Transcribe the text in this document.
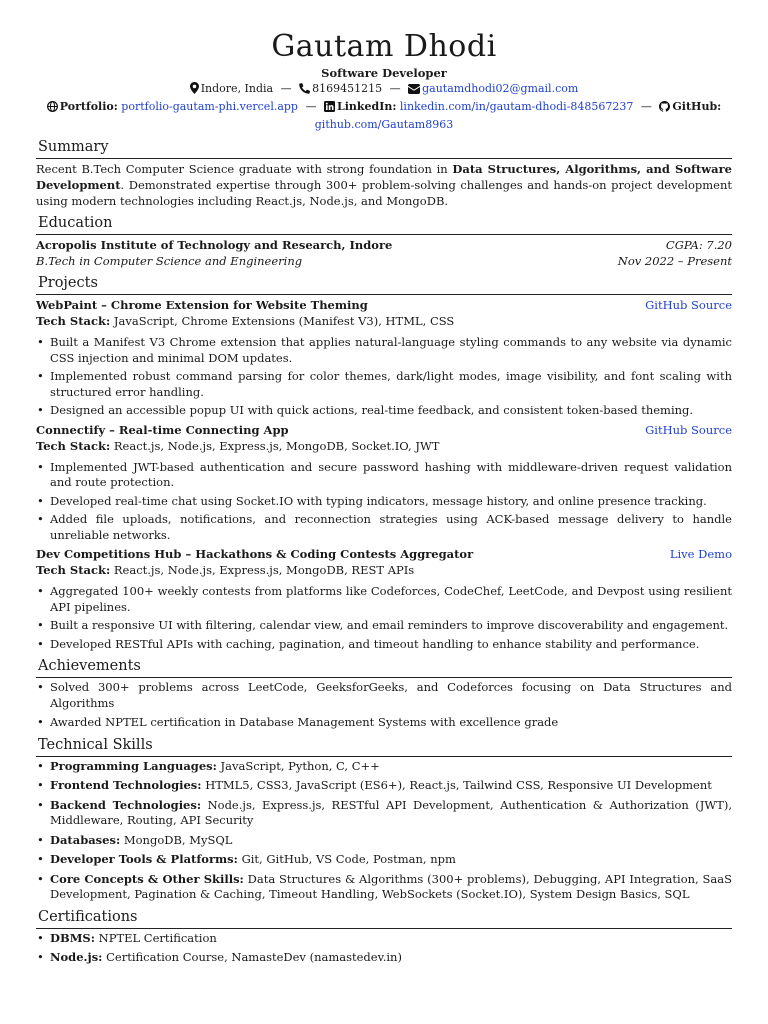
Gautam Dhodi
Software Developer
Indore, India — 8169451215 — gautamdhodi02@gmail.com
Portfolio: portfolio-gautam-phi.vercel.app — LinkedIn: linkedin.com/in/gautam-dhodi-848567237 — GitHub:
github.com/Gautam8963
Summary
Recent B.Tech Computer Science graduate with strong foundation in Data Structures, Algorithms, and Software Development. Demonstrated expertise through 300+ problem-solving challenges and hands-on project development using modern technologies including React.js, Node.js, and MongoDB.
Education
Acropolis Institute of Technology and Research, Indore	CGPA: 7.20
B.Tech in Computer Science and Engineering	Nov 2022 – Present
Projects
WebPaint – Chrome Extension for Website Theming	GitHub Source
Tech Stack: JavaScript, Chrome Extensions (Manifest V3), HTML, CSS
• Built a Manifest V3 Chrome extension that applies natural-language styling commands to any website via dynamic CSS injection and minimal DOM updates.
• Implemented robust command parsing for color themes, dark/light modes, image visibility, and font scaling with structured error handling.
• Designed an accessible popup UI with quick actions, real-time feedback, and consistent token-based theming.
Connectify – Real-time Connecting App	GitHub Source
Tech Stack: React.js, Node.js, Express.js, MongoDB, Socket.IO, JWT
• Implemented JWT-based authentication and secure password hashing with middleware-driven request validation and route protection.
• Developed real-time chat using Socket.IO with typing indicators, message history, and online presence tracking.
• Added file uploads, notifications, and reconnection strategies using ACK-based message delivery to handle unreliable networks.
Dev Competitions Hub – Hackathons & Coding Contests Aggregator	Live Demo
Tech Stack: React.js, Node.js, Express.js, MongoDB, REST APIs
• Aggregated 100+ weekly contests from platforms like Codeforces, CodeChef, LeetCode, and Devpost using resilient API pipelines.
• Built a responsive UI with filtering, calendar view, and email reminders to improve discoverability and engagement.
• Developed RESTful APIs with caching, pagination, and timeout handling to enhance stability and performance.
Achievements
• Solved 300+ problems across LeetCode, GeeksforGeeks, and Codeforces focusing on Data Structures and Algorithms
• Awarded NPTEL certification in Database Management Systems with excellence grade
Technical Skills
• Programming Languages: JavaScript, Python, C, C++
• Frontend Technologies: HTML5, CSS3, JavaScript (ES6+), React.js, Tailwind CSS, Responsive UI Development
• Backend Technologies: Node.js, Express.js, RESTful API Development, Authentication & Authorization (JWT), Middleware, Routing, API Security
• Databases: MongoDB, MySQL
• Developer Tools & Platforms: Git, GitHub, VS Code, Postman, npm
• Core Concepts & Other Skills: Data Structures & Algorithms (300+ problems), Debugging, API Integration, SaaS Development, Pagination & Caching, Timeout Handling, WebSockets (Socket.IO), System Design Basics, SQL
Certifications
• DBMS: NPTEL Certification
• Node.js: Certification Course, NamasteDev (namastedev.in)
